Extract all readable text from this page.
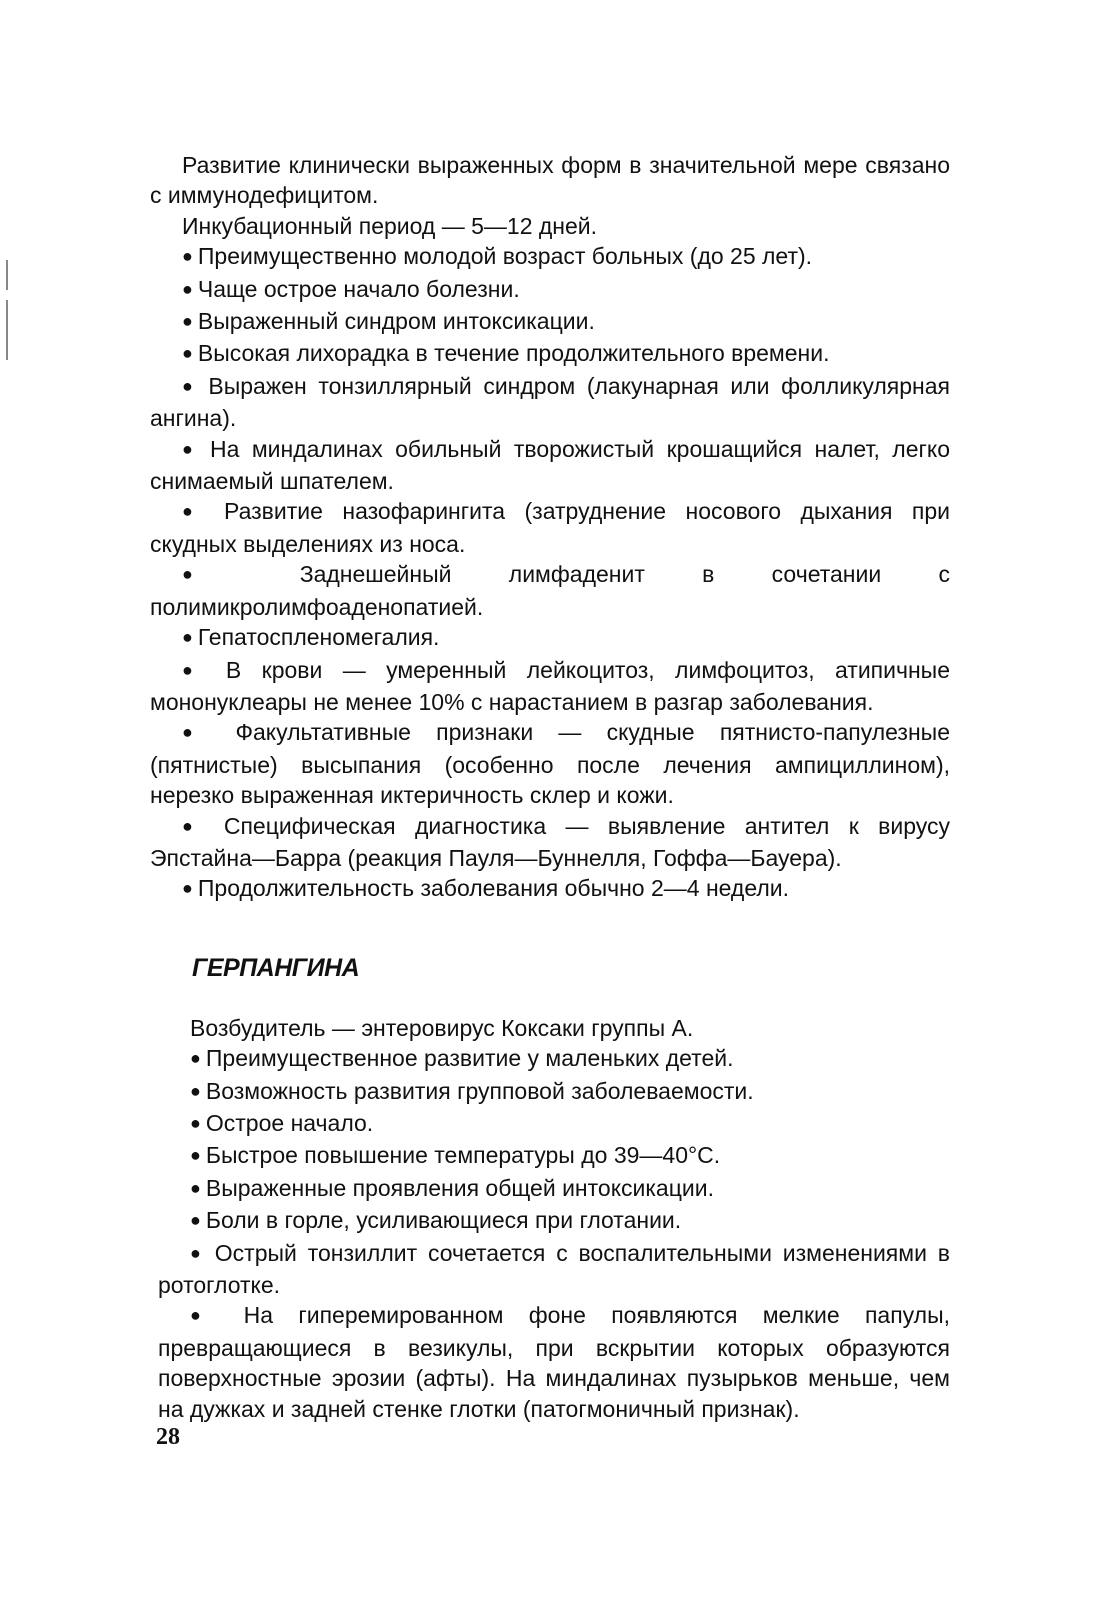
Развитие клинически выраженных форм в значительной мере связано с иммунодефицитом.

Инкубационный период — 5—12 дней.

● Преимущественно молодой возраст больных (до 25 лет).

● Чаще острое начало болезни.

● Выраженный синдром интоксикации.

● Высокая лихорадка в течение продолжительного времени.

● Выражен тонзиллярный синдром (лакунарная или фолликулярная ангина).

● На миндалинах обильный творожистый крошащийся налет, легко снимаемый шпателем.

● Развитие назофарингита (затруднение носового дыхания при скудных выделениях из носа.

● Заднешейный лимфаденит в сочетании с полимикролимфоаденопатией.

● Гепатоспленомегалия.

● В крови — умеренный лейкоцитоз, лимфоцитоз, атипичные мононуклеары не менее 10% с нарастанием в разгар заболевания.

● Факультативные признаки — скудные пятнисто-папулезные (пятнистые) высыпания (особенно после лечения ампициллином), нерезко выраженная иктеричность склер и кожи.

● Специфическая диагностика — выявление антител к вирусу Эпстайна—Барра (реакция Пауля—Буннелля, Гоффа—Бауера).

● Продолжительность заболевания обычно 2—4 недели.

ГЕРПАНГИНА

Возбудитель — энтеровирус Коксаки группы А.

● Преимущественное развитие у маленьких детей.

● Возможность развития групповой заболеваемости.

● Острое начало.

● Быстрое повышение температуры до 39—40°С.

● Выраженные проявления общей интоксикации.

● Боли в горле, усиливающиеся при глотании.

● Острый тонзиллит сочетается с воспалительными изменениями в ротоглотке.

● На гиперемированном фоне появляются мелкие папулы, превращающиеся в везикулы, при вскрытии которых образуются поверхностные эрозии (афты). На миндалинах пузырьков меньше, чем на дужках и задней стенке глотки (патогмоничный признак).

28
